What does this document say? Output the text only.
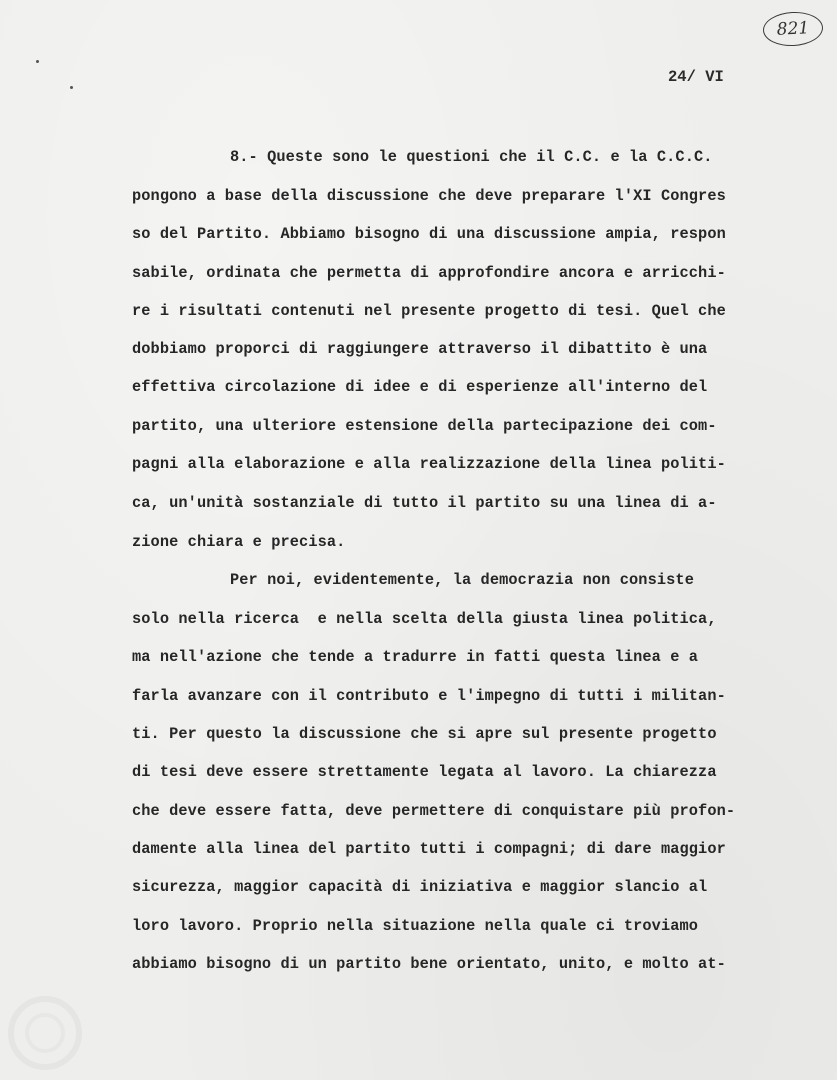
821
24/ VI
8.- Queste sono le questioni che il C.C. e la C.C.C.
pongono a base della discussione che deve preparare l'XI Congres
so del Partito. Abbiamo bisogno di una discussione ampia, respon
sabile, ordinata che permetta di approfondire ancora e arricchi-
re i risultati contenuti nel presente progetto di tesi. Quel che
dobbiamo proporci di raggiungere attraverso il dibattito è una
effettiva circolazione di idee e di esperienze all'interno del
partito, una ulteriore estensione della partecipazione dei com-
pagni alla elaborazione e alla realizzazione della linea politi-
ca, un'unità sostanziale di tutto il partito su una linea di a-
zione chiara e precisa.
Per noi, evidentemente, la democrazia non consiste
solo nella ricerca  e nella scelta della giusta linea politica,
ma nell'azione che tende a tradurre in fatti questa linea e a
farla avanzare con il contributo e l'impegno di tutti i militan-
ti. Per questo la discussione che si apre sul presente progetto
di tesi deve essere strettamente legata al lavoro. La chiarezza
che deve essere fatta, deve permettere di conquistare più profon-
damente alla linea del partito tutti i compagni; di dare maggior
sicurezza, maggior capacità di iniziativa e maggior slancio al
loro lavoro. Proprio nella situazione nella quale ci troviamo
abbiamo bisogno di un partito bene orientato, unito, e molto at-
